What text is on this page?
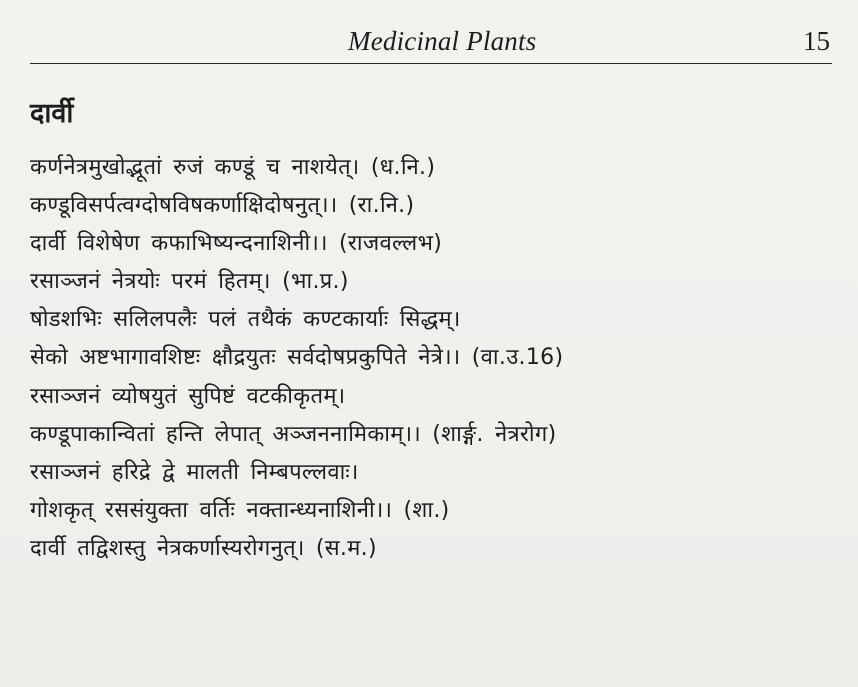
Medicinal Plants	15
दार्वी
कर्णनेत्रमुखोद्भूतां रुजं कण्डूं च नाशयेत्। (ध.नि.)
कण्डूविसर्पत्वग्दोषविषकर्णाक्षिदोषनुत्।। (रा.नि.)
दार्वी विशेषेण कफाभिष्यन्दनाशिनी।। (राजवल्लभ)
रसाञ्जनं नेत्रयोः परमं हितम्। (भा.प्र.)
षोडशभिः सलिलपलैः पलं तथैकं कण्टकार्याः सिद्धम्।
सेको अष्टभागावशिष्टः क्षौद्रयुतः सर्वदोषप्रकुपिते नेत्रे।। (वा.उ.16)
रसाञ्जनं व्योषयुतं सुपिष्टं वटकीकृतम्।
कण्डूपाकान्वितां हन्ति लेपात् अञ्जननामिकाम्।। (शार्ङ्ग. नेत्ररोग)
रसाञ्जनं हरिद्रे द्वे मालती निम्बपल्लवाः।
गोशकृत् रससंयुक्ता वर्तिः नक्तान्ध्यनाशिनी।। (शा.)
दार्वी तद्विशस्तु नेत्रकर्णास्यरोगनुत्। (स.म.)
